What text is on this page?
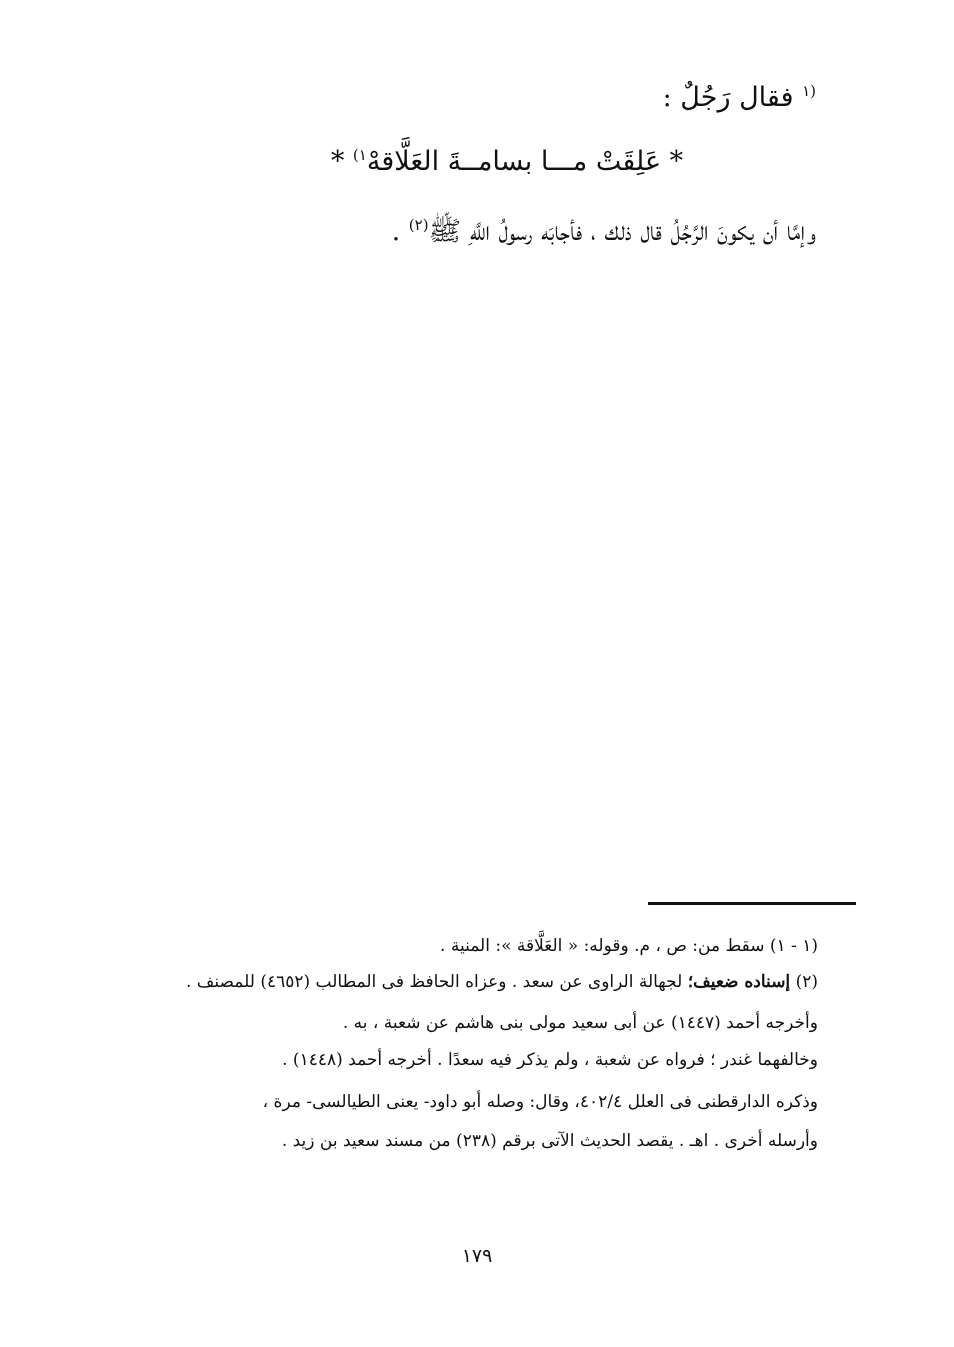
$^{(١}$ فقال رَجُلٌ :
* عَلِقَتْ مـــا بسامــةَ العَلَّاقهْ$^{١)}$ *
وإمَّا أن يكونَ الرَّجُلُ قال ذلك ، فأجابَه رسولُ اللَّهِ ﷺ$^{(٢)}$ .
(١ - ١) سقط من: ص ، م. وقوله: « العَلَّاقة »: المنية .
(٢) إسناده ضعيف؛ لجهالة الراوى عن سعد . وعزاه الحافظ فى المطالب (٤٦٥٢) للمصنف .
وأخرجه أحمد (١٤٤٧) عن أبى سعيد مولى بنى هاشم عن شعبة ، به .
وخالفهما غندر ؛ فرواه عن شعبة ، ولم يذكر فيه سعدًا . أخرجه أحمد (١٤٤٨) .
وذكره الدارقطنى فى العلل ٤٠٢/٤، وقال: وصله أبو داود- يعنى الطيالسى- مرة ،
وأرسله أخرى . اهـ . يقصد الحديث الآتى برقم (٢٣٨) من مسند سعيد بن زيد .
١٧٩
